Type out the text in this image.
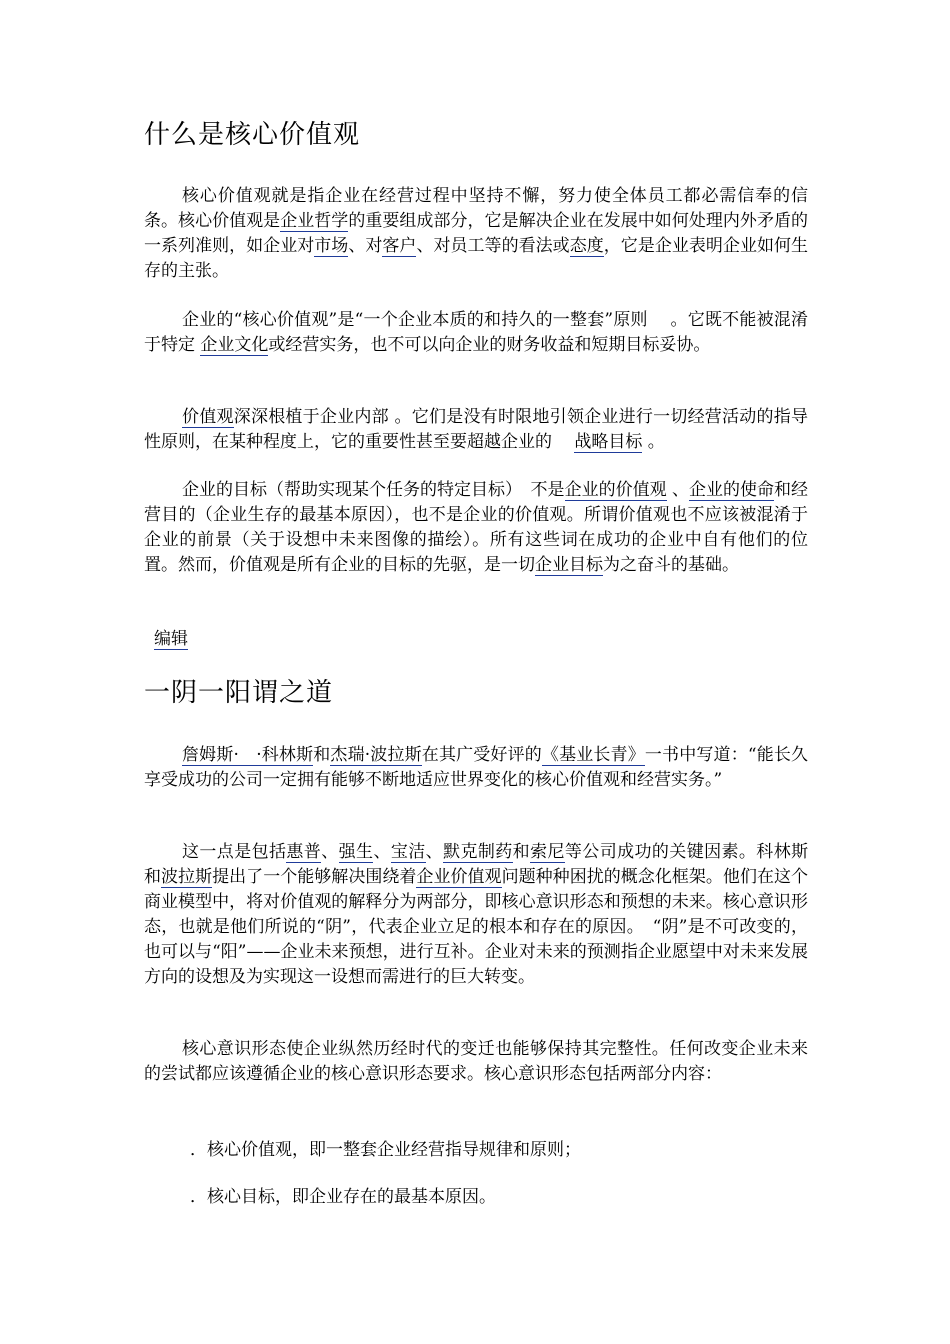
什么是核心价值观

核心价值观就是指企业在经营过程中坚持不懈，努力使全体员工都必需信奉的信条。核心价值观是企业哲学的重要组成部分，它是解决企业在发展中如何处理内外矛盾的一系列准则，如企业对市场、对客户、对员工等的看法或态度，它是企业表明企业如何生存的主张。

企业的“核心价值观”是“一个企业本质的和持久的一整套”原则　 。它既不能被混淆于特定 企业文化或经营实务，也不可以向企业的财务收益和短期目标妥协。

价值观深深根植于企业内部 。它们是没有时限地引领企业进行一切经营活动的指导性原则，在某种程度上，它的重要性甚至要超越企业的 　战略目标 。

企业的目标（帮助实现某个任务的特定目标）　不是企业的价值观 、企业的使命和经营目的（企业生存的最基本原因），也不是企业的价值观。所谓价值观也不应该被混淆于企业的前景（关于设想中未来图像的描绘）。所有这些词在成功的企业中自有他们的位置。然而，价值观是所有企业的目标的先驱，是一切企业目标为之奋斗的基础。

编辑
一阴一阳谓之道

詹姆斯·　·科林斯和杰瑞·波拉斯在其广受好评的《基业长青》一书中写道：“能长久享受成功的公司一定拥有能够不断地适应世界变化的核心价值观和经营实务。”

这一点是包括惠普、强生、宝洁、默克制药和索尼等公司成功的关键因素。科林斯和波拉斯提出了一个能够解决围绕着企业价值观问题种种困扰的概念化框架。他们在这个商业模型中，将对价值观的解释分为两部分，即核心意识形态和预想的未来。核心意识形态，也就是他们所说的“阴”，代表企业立足的根本和存在的原因。　“阴”是不可改变的，也可以与“阳”——企业未来预想，进行互补。企业对未来的预测指企业愿望中对未来发展方向的设想及为实现这一设想而需进行的巨大转变。

核心意识形态使企业纵然历经时代的变迁也能够保持其完整性。任何改变企业未来的尝试都应该遵循企业的核心意识形态要求。核心意识形态包括两部分内容：

．核心价值观，即一整套企业经营指导规律和原则；
．核心目标，即企业存在的最基本原因。
